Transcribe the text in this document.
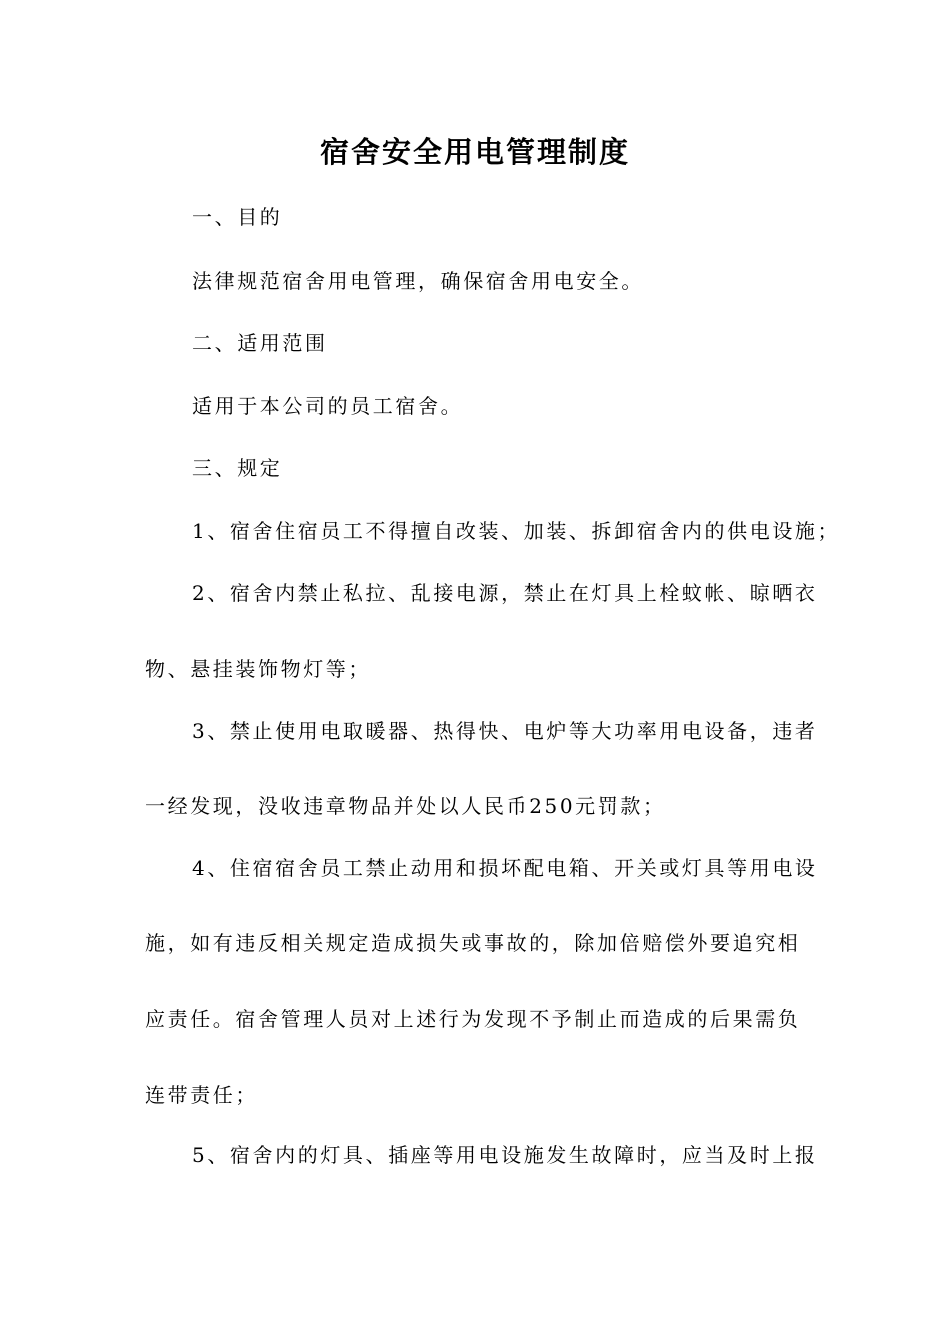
宿舍安全用电管理制度
一、目的
法律规范宿舍用电管理，确保宿舍用电安全。
二、适用范围
适用于本公司的员工宿舍。
三、规定
1、宿舍住宿员工不得擅自改装、加装、拆卸宿舍内的供电设施；
2、宿舍内禁止私拉、乱接电源，禁止在灯具上栓蚊帐、晾晒衣
物、悬挂装饰物灯等；
3、禁止使用电取暖器、热得快、电炉等大功率用电设备，违者
一经发现，没收违章物品并处以人民币250元罚款；
4、住宿宿舍员工禁止动用和损坏配电箱、开关或灯具等用电设
施，如有违反相关规定造成损失或事故的，除加倍赔偿外要追究相
应责任。宿舍管理人员对上述行为发现不予制止而造成的后果需负
连带责任；
5、宿舍内的灯具、插座等用电设施发生故障时，应当及时上报
